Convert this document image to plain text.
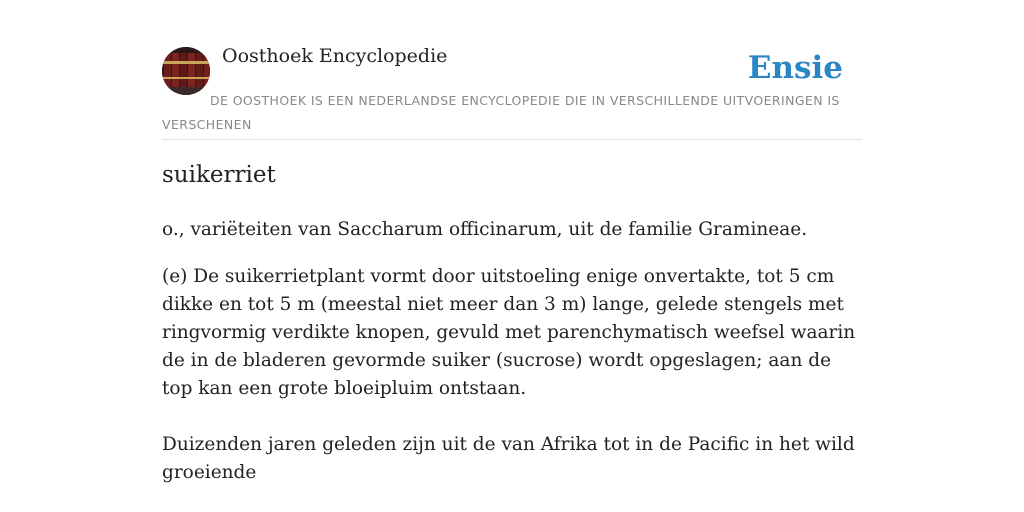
Oosthoek Encyclopedie	Ensie
DE OOSTHOEK IS EEN NEDERLANDSE ENCYCLOPEDIE DIE IN VERSCHILLENDE UITVOERINGEN IS VERSCHENEN
suikerriet
o., variëteiten van Saccharum officinarum, uit de familie Gramineae.

(e) De suikerrietplant vormt door uitstoeling enige onvertakte, tot 5 cm dikke en tot 5 m (meestal niet meer dan 3 m) lange, gelede stengels met ringvormig verdikte knopen, gevuld met parenchymatisch weefsel waarin de in de bladeren gevormde suiker (sucrose) wordt opgeslagen; aan de top kan een grote bloeipluim ontstaan.

Duizenden jaren geleden zijn uit de van Afrika tot in de Pacific in het wild groeiende
